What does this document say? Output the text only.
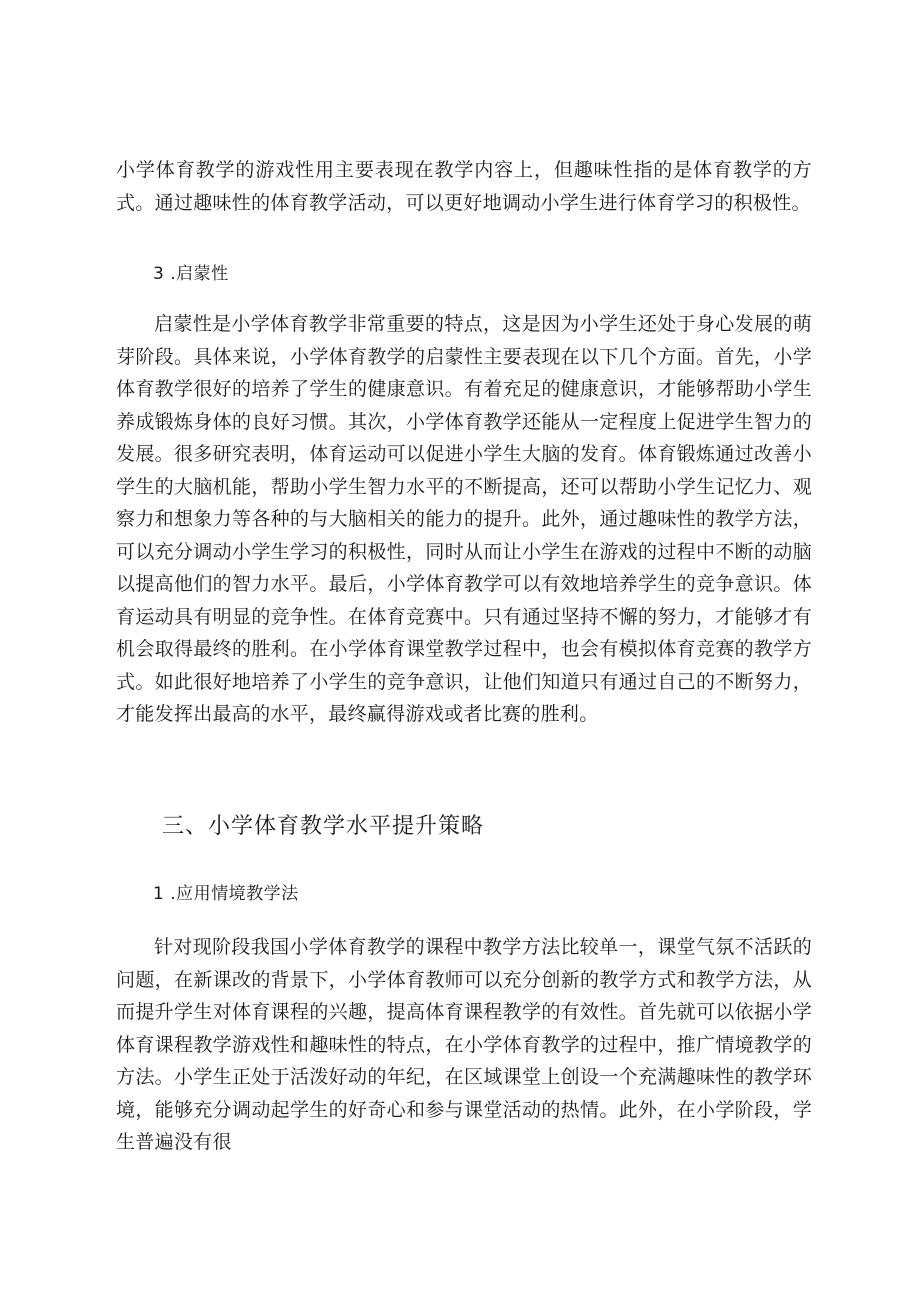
小学体育教学的游戏性用主要表现在教学内容上，但趣味性指的是体育教学的方式。通过趣味性的体育教学活动，可以更好地调动小学生进行体育学习的积极性。

3 .启蒙性

启蒙性是小学体育教学非常重要的特点，这是因为小学生还处于身心发展的萌芽阶段。具体来说，小学体育教学的启蒙性主要表现在以下几个方面。首先，小学体育教学很好的培养了学生的健康意识。有着充足的健康意识，才能够帮助小学生养成锻炼身体的良好习惯。其次，小学体育教学还能从一定程度上促进学生智力的发展。很多研究表明，体育运动可以促进小学生大脑的发育。体育锻炼通过改善小学生的大脑机能，帮助小学生智力水平的不断提高，还可以帮助小学生记忆力、观察力和想象力等各种的与大脑相关的能力的提升。此外，通过趣味性的教学方法，可以充分调动小学生学习的积极性，同时从而让小学生在游戏的过程中不断的动脑以提高他们的智力水平。最后，小学体育教学可以有效地培养学生的竞争意识。体育运动具有明显的竞争性。在体育竞赛中。只有通过坚持不懈的努力，才能够才有机会取得最终的胜利。在小学体育课堂教学过程中，也会有模拟体育竞赛的教学方式。如此很好地培养了小学生的竞争意识，让他们知道只有通过自己的不断努力，才能发挥出最高的水平，最终赢得游戏或者比赛的胜利。

三、小学体育教学水平提升策略

1 .应用情境教学法

针对现阶段我国小学体育教学的课程中教学方法比较单一，课堂气氛不活跃的问题，在新课改的背景下，小学体育教师可以充分创新的教学方式和教学方法，从而提升学生对体育课程的兴趣，提高体育课程教学的有效性。首先就可以依据小学体育课程教学游戏性和趣味性的特点，在小学体育教学的过程中，推广情境教学的方法。小学生正处于活泼好动的年纪，在区域课堂上创设一个充满趣味性的教学环境，能够充分调动起学生的好奇心和参与课堂活动的热情。此外，在小学阶段，学生普遍没有很
